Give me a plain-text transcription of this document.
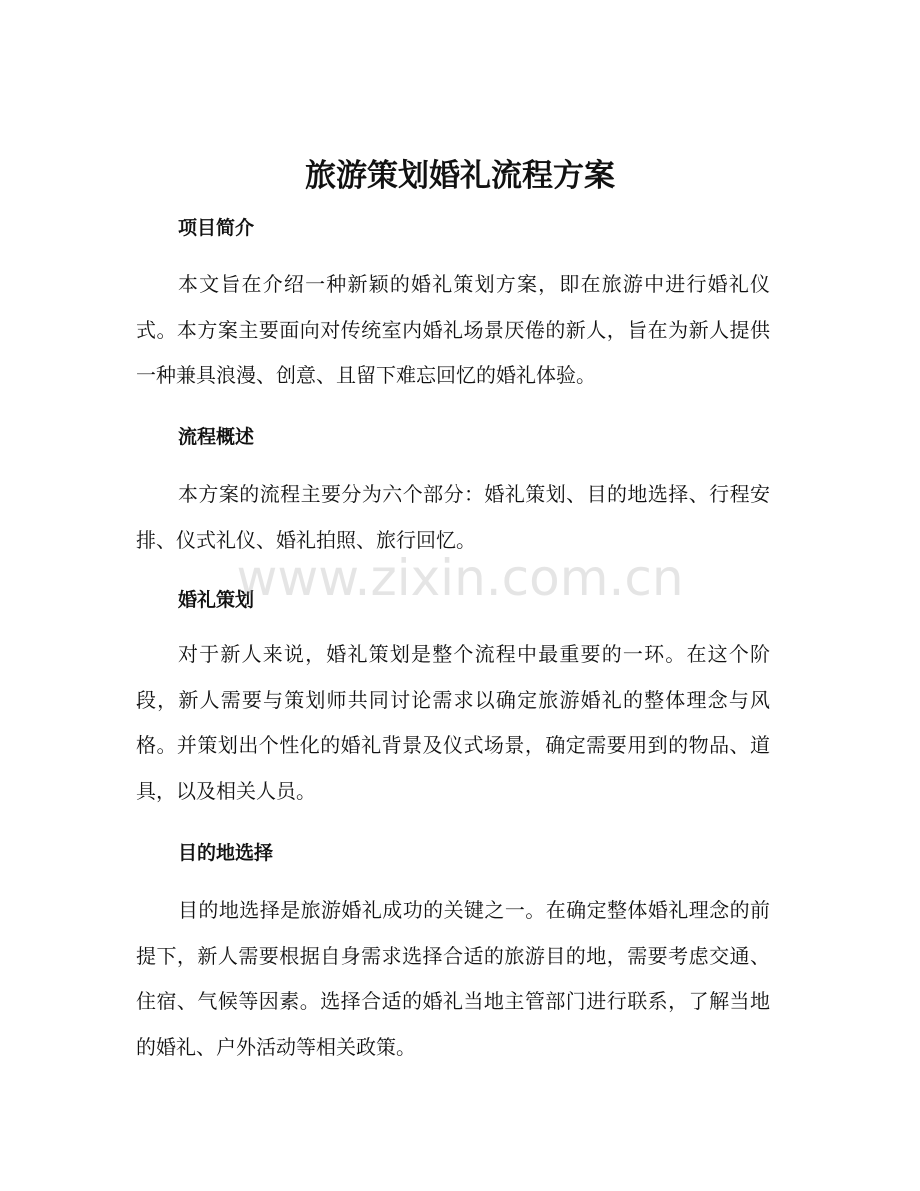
旅游策划婚礼流程方案
项目简介

本文旨在介绍一种新颖的婚礼策划方案，即在旅游中进行婚礼仪式。本方案主要面向对传统室内婚礼场景厌倦的新人，旨在为新人提供一种兼具浪漫、创意、且留下难忘回忆的婚礼体验。

流程概述

本方案的流程主要分为六个部分：婚礼策划、目的地选择、行程安排、仪式礼仪、婚礼拍照、旅行回忆。

婚礼策划

对于新人来说，婚礼策划是整个流程中最重要的一环。在这个阶段，新人需要与策划师共同讨论需求以确定旅游婚礼的整体理念与风格。并策划出个性化的婚礼背景及仪式场景，确定需要用到的物品、道具，以及相关人员。

目的地选择

目的地选择是旅游婚礼成功的关键之一。在确定整体婚礼理念的前提下，新人需要根据自身需求选择合适的旅游目的地，需要考虑交通、住宿、气候等因素。选择合适的婚礼当地主管部门进行联系，了解当地的婚礼、户外活动等相关政策。

www.zixin.com.cn
